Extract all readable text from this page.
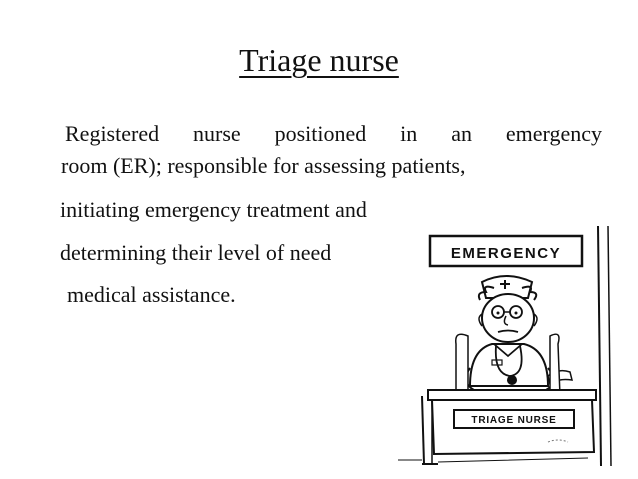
Triage nurse
Registered nurse positioned in an emergency
room (ER); responsible for assessing patients,
initiating emergency treatment and
determining their level of need
medical assistance.
EMERGENCY
TRIAGE NURSE
